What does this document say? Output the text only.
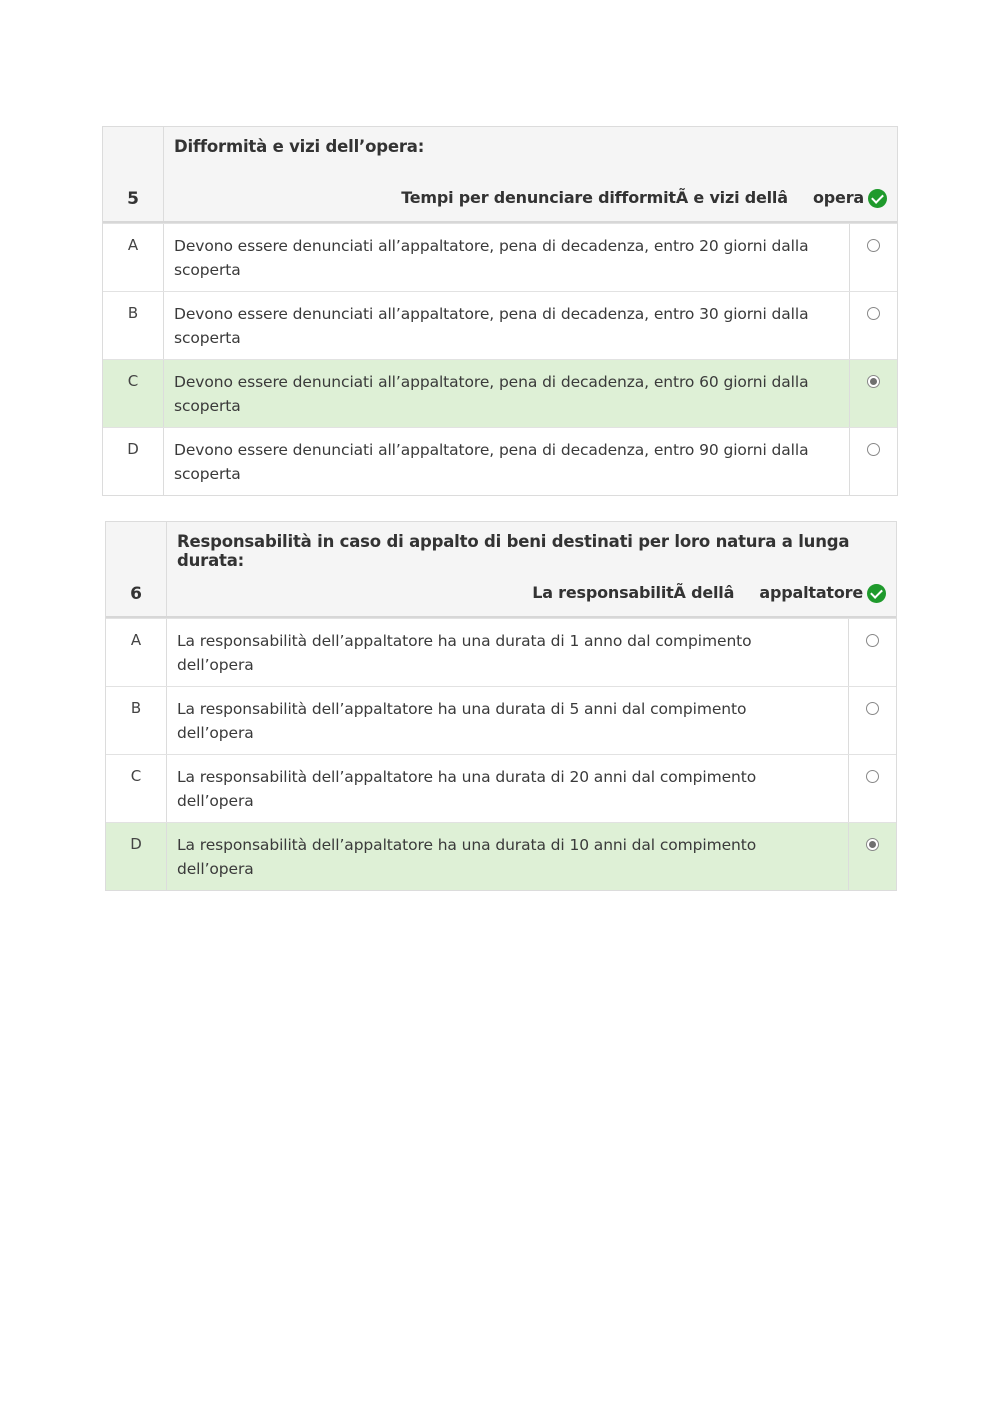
5
Difformità e vizi dell’opera:
Tempi per denunciare difformitÃ e vizi dellâopera
A	Devono essere denunciati all’appaltatore, pena di decadenza, entro 20 giorni dalla scoperta
B	Devono essere denunciati all’appaltatore, pena di decadenza, entro 30 giorni dalla scoperta
C	Devono essere denunciati all’appaltatore, pena di decadenza, entro 60 giorni dalla scoperta
D	Devono essere denunciati all’appaltatore, pena di decadenza, entro 90 giorni dalla scoperta
6
Responsabilità in caso di appalto di beni destinati per loro natura a lunga durata:
La responsabilitÃ dellâappaltatore
A	La responsabilità dell’appaltatore ha una durata di 1 anno dal compimento dell’opera
B	La responsabilità dell’appaltatore ha una durata di 5 anni dal compimento dell’opera
C	La responsabilità dell’appaltatore ha una durata di 20 anni dal compimento dell’opera
D	La responsabilità dell’appaltatore ha una durata di 10 anni dal compimento dell’opera
